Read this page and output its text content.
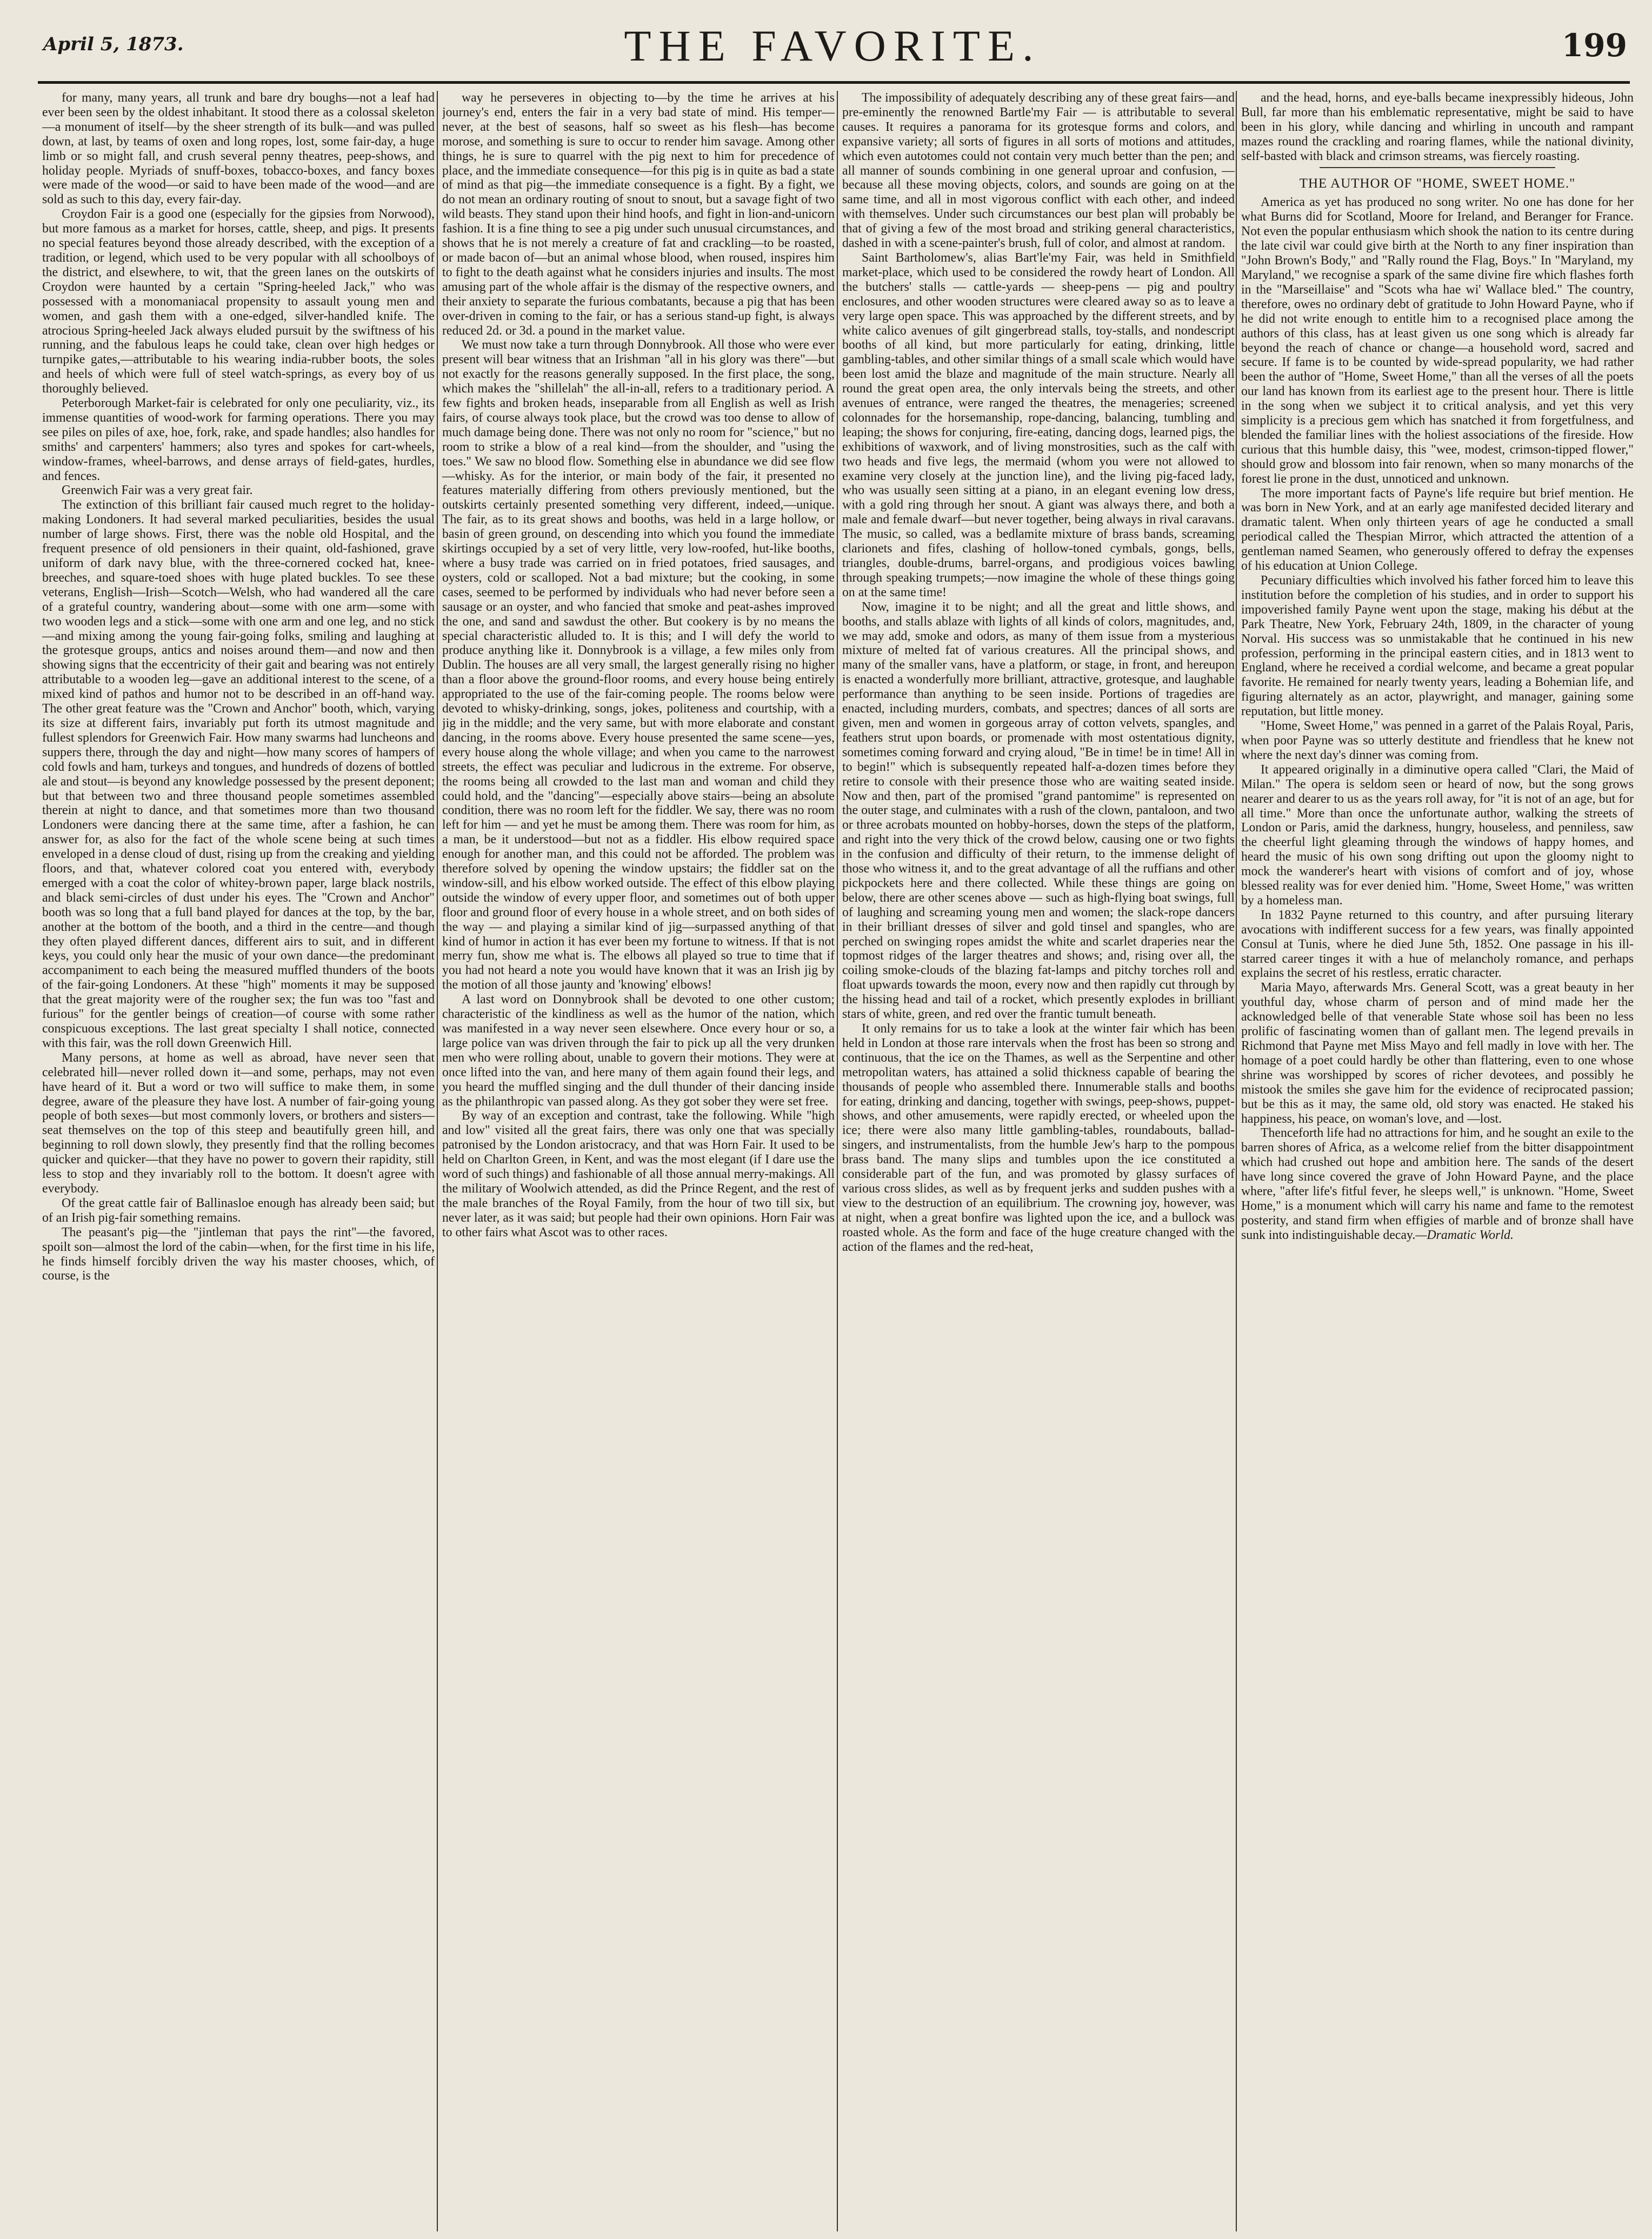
April 5, 1873.	THE FAVORITE.	199

for many, many years, all trunk and bare dry boughs—not a leaf had ever been seen by the oldest inhabitant. It stood there as a colossal skeleton—a monument of itself—by the sheer strength of its bulk—and was pulled down, at last, by teams of oxen and long ropes, lost, some fair-day, a huge limb or so might fall, and crush several penny theatres, peep-shows, and holiday people. Myriads of snuff-boxes, tobacco-boxes, and fancy boxes were made of the wood—or said to have been made of the wood—and are sold as such to this day, every fair-day.

Croydon Fair is a good one (especially for the gipsies from Norwood), but more famous as a market for horses, cattle, sheep, and pigs. It presents no special features beyond those already described, with the exception of a tradition, or legend, which used to be very popular with all schoolboys of the district, and elsewhere, to wit, that the green lanes on the outskirts of Croydon were haunted by a certain "Spring-heeled Jack," who was possessed with a monomaniacal propensity to assault young men and women, and gash them with a one-edged, silver-handled knife. The atrocious Spring-heeled Jack always eluded pursuit by the swiftness of his running, and the fabulous leaps he could take, clean over high hedges or turnpike gates,—attributable to his wearing india-rubber boots, the soles and heels of which were full of steel watch-springs, as every boy of us thoroughly believed.

Peterborough Market-fair is celebrated for only one peculiarity, viz., its immense quantities of wood-work for farming operations. There you may see piles on piles of axe, hoe, fork, rake, and spade handles; also handles for smiths' and carpenters' hammers; also tyres and spokes for cart-wheels, window-frames, wheel-barrows, and dense arrays of field-gates, hurdles, and fences.

Greenwich Fair was a very great fair.

The extinction of this brilliant fair caused much regret to the holiday-making Londoners. It had several marked peculiarities, besides the usual number of large shows. First, there was the noble old Hospital, and the frequent presence of old pensioners in their quaint, old-fashioned, grave uniform of dark navy blue, with the three-cornered cocked hat, knee-breeches, and square-toed shoes with huge plated buckles. To see these veterans, English—Irish—Scotch—Welsh, who had wandered all the care of a grateful country, wandering about—some with one arm—some with two wooden legs and a stick—some with one arm and one leg, and no stick—and mixing among the young fair-going folks, smiling and laughing at the grotesque groups, antics and noises around them—and now and then showing signs that the eccentricity of their gait and bearing was not entirely attributable to a wooden leg—gave an additional interest to the scene, of a mixed kind of pathos and humor not to be described in an off-hand way. The other great feature was the "Crown and Anchor" booth, which, varying its size at different fairs, invariably put forth its utmost magnitude and fullest splendors for Greenwich Fair. How many swarms had luncheons and suppers there, through the day and night—how many scores of hampers of cold fowls and ham, turkeys and tongues, and hundreds of dozens of bottled ale and stout—is beyond any knowledge possessed by the present deponent; but that between two and three thousand people sometimes assembled therein at night to dance, and that sometimes more than two thousand Londoners were dancing there at the same time, after a fashion, he can answer for, as also for the fact of the whole scene being at such times enveloped in a dense cloud of dust, rising up from the creaking and yielding floors, and that, whatever colored coat you entered with, everybody emerged with a coat the color of whitey-brown paper, large black nostrils, and black semi-circles of dust under his eyes. The "Crown and Anchor" booth was so long that a full band played for dances at the top, by the bar, another at the bottom of the booth, and a third in the centre—and though they often played different dances, different airs to suit, and in different keys, you could only hear the music of your own dance—the predominant accompaniment to each being the measured muffled thunders of the boots of the fair-going Londoners. At these "high" moments it may be supposed that the great majority were of the rougher sex; the fun was too "fast and furious" for the gentler beings of creation—of course with some rather conspicuous exceptions. The last great specialty I shall notice, connected with this fair, was the roll down Greenwich Hill.

Many persons, at home as well as abroad, have never seen that celebrated hill—never rolled down it—and some, perhaps, may not even have heard of it. But a word or two will suffice to make them, in some degree, aware of the pleasure they have lost. A number of fair-going young people of both sexes—but most commonly lovers, or brothers and sisters—seat themselves on the top of this steep and beautifully green hill, and beginning to roll down slowly, they presently find that the rolling becomes quicker and quicker—that they have no power to govern their rapidity, still less to stop and they invariably roll to the bottom. It doesn't agree with everybody.

Of the great cattle fair of Ballinasloe enough has already been said; but of an Irish pig-fair something remains.

The peasant's pig—the "jintleman that pays the rint"—the favored, spoilt son—almost the lord of the cabin—when, for the first time in his life, he finds himself forcibly driven the way his master chooses, which, of course, is the

way he perseveres in objecting to—by the time he arrives at his journey's end, enters the fair in a very bad state of mind. His temper—never, at the best of seasons, half so sweet as his flesh—has become morose, and something is sure to occur to render him savage. Among other things, he is sure to quarrel with the pig next to him for precedence of place, and the immediate consequence—for this pig is in quite as bad a state of mind as that pig—the immediate consequence is a fight. By a fight, we do not mean an ordinary routing of snout to snout, but a savage fight of two wild beasts. They stand upon their hind hoofs, and fight in lion-and-unicorn fashion. It is a fine thing to see a pig under such unusual circumstances, and shows that he is not merely a creature of fat and crackling—to be roasted, or made bacon of—but an animal whose blood, when roused, inspires him to fight to the death against what he considers injuries and insults. The most amusing part of the whole affair is the dismay of the respective owners, and their anxiety to separate the furious combatants, because a pig that has been over-driven in coming to the fair, or has a serious stand-up fight, is always reduced 2d. or 3d. a pound in the market value.

We must now take a turn through Donnybrook. All those who were ever present will bear witness that an Irishman "all in his glory was there"—but not exactly for the reasons generally supposed. In the first place, the song, which makes the "shillelah" the all-in-all, refers to a traditionary period. A few fights and broken heads, inseparable from all English as well as Irish fairs, of course always took place, but the crowd was too dense to allow of much damage being done. There was not only no room for "science," but no room to strike a blow of a real kind—from the shoulder, and "using the toes." We saw no blood flow. Something else in abundance we did see flow—whisky. As for the interior, or main body of the fair, it presented no features materially differing from others previously mentioned, but the outskirts certainly presented something very different, indeed,—unique. The fair, as to its great shows and booths, was held in a large hollow, or basin of green ground, on descending into which you found the immediate skirtings occupied by a set of very little, very low-roofed, hut-like booths, where a busy trade was carried on in fried potatoes, fried sausages, and oysters, cold or scalloped. Not a bad mixture; but the cooking, in some cases, seemed to be performed by individuals who had never before seen a sausage or an oyster, and who fancied that smoke and peat-ashes improved the one, and sand and sawdust the other. But cookery is by no means the special characteristic alluded to. It is this; and I will defy the world to produce anything like it. Donnybrook is a village, a few miles only from Dublin. The houses are all very small, the largest generally rising no higher than a floor above the ground-floor rooms, and every house being entirely appropriated to the use of the fair-coming people. The rooms below were devoted to whisky-drinking, songs, jokes, politeness and courtship, with a jig in the middle; and the very same, but with more elaborate and constant dancing, in the rooms above. Every house presented the same scene—yes, every house along the whole village; and when you came to the narrowest streets, the effect was peculiar and ludicrous in the extreme. For observe, the rooms being all crowded to the last man and woman and child they could hold, and the "dancing"—especially above stairs—being an absolute condition, there was no room left for the fiddler. We say, there was no room left for him — and yet he must be among them. There was room for him, as a man, be it understood—but not as a fiddler. His elbow required space enough for another man, and this could not be afforded. The problem was therefore solved by opening the window upstairs; the fiddler sat on the window-sill, and his elbow worked outside. The effect of this elbow playing outside the window of every upper floor, and sometimes out of both upper floor and ground floor of every house in a whole street, and on both sides of the way — and playing a similar kind of jig—surpassed anything of that kind of humor in action it has ever been my fortune to witness. If that is not merry fun, show me what is. The elbows all played so true to time that if you had not heard a note you would have known that it was an Irish jig by the motion of all those jaunty and 'knowing' elbows!

A last word on Donnybrook shall be devoted to one other custom; characteristic of the kindliness as well as the humor of the nation, which was manifested in a way never seen elsewhere. Once every hour or so, a large police van was driven through the fair to pick up all the very drunken men who were rolling about, unable to govern their motions. They were at once lifted into the van, and here many of them again found their legs, and you heard the muffled singing and the dull thunder of their dancing inside as the philanthropic van passed along. As they got sober they were set free.

By way of an exception and contrast, take the following. While "high and low" visited all the great fairs, there was only one that was specially patronised by the London aristocracy, and that was Horn Fair. It used to be held on Charlton Green, in Kent, and was the most elegant (if I dare use the word of such things) and fashionable of all those annual merry-makings. All the military of Woolwich attended, as did the Prince Regent, and the rest of the male branches of the Royal Family, from the hour of two till six, but never later, as it was said; but people had their own opinions. Horn Fair was to other fairs what Ascot was to other races.

The impossibility of adequately describing any of these great fairs—and pre-eminently the renowned Bartle'my Fair — is attributable to several causes. It requires a panorama for its grotesque forms and colors, and expansive variety; all sorts of figures in all sorts of motions and attitudes, which even autotomes could not contain very much better than the pen; and all manner of sounds combining in one general uproar and confusion, — because all these moving objects, colors, and sounds are going on at the same time, and all in most vigorous conflict with each other, and indeed with themselves. Under such circumstances our best plan will probably be that of giving a few of the most broad and striking general characteristics, dashed in with a scene-painter's brush, full of color, and almost at random.

Saint Bartholomew's, alias Bart'le'my Fair, was held in Smithfield market-place, which used to be considered the rowdy heart of London. All the butchers' stalls — cattle-yards — sheep-pens — pig and poultry enclosures, and other wooden structures were cleared away so as to leave a very large open space. This was approached by the different streets, and by white calico avenues of gilt gingerbread stalls, toy-stalls, and nondescript booths of all kind, but more particularly for eating, drinking, little gambling-tables, and other similar things of a small scale which would have been lost amid the blaze and magnitude of the main structure. Nearly all round the great open area, the only intervals being the streets, and other avenues of entrance, were ranged the theatres, the menageries; screened colonnades for the horsemanship, rope-dancing, balancing, tumbling and leaping; the shows for conjuring, fire-eating, dancing dogs, learned pigs, the exhibitions of waxwork, and of living monstrosities, such as the calf with two heads and five legs, the mermaid (whom you were not allowed to examine very closely at the junction line), and the living pig-faced lady, who was usually seen sitting at a piano, in an elegant evening low dress, with a gold ring through her snout. A giant was always there, and both a male and female dwarf—but never together, being always in rival caravans. The music, so called, was a bedlamite mixture of brass bands, screaming clarionets and fifes, clashing of hollow-toned cymbals, gongs, bells, triangles, double-drums, barrel-organs, and prodigious voices bawling through speaking trumpets;—now imagine the whole of these things going on at the same time!

Now, imagine it to be night; and all the great and little shows, and booths, and stalls ablaze with lights of all kinds of colors, magnitudes, and, we may add, smoke and odors, as many of them issue from a mysterious mixture of melted fat of various creatures. All the principal shows, and many of the smaller vans, have a platform, or stage, in front, and hereupon is enacted a wonderfully more brilliant, attractive, grotesque, and laughable performance than anything to be seen inside. Portions of tragedies are enacted, including murders, combats, and spectres; dances of all sorts are given, men and women in gorgeous array of cotton velvets, spangles, and feathers strut upon boards, or promenade with most ostentatious dignity, sometimes coming forward and crying aloud, "Be in time! be in time! All in to begin!" which is subsequently repeated half-a-dozen times before they retire to console with their presence those who are waiting seated inside. Now and then, part of the promised "grand pantomime" is represented on the outer stage, and culminates with a rush of the clown, pantaloon, and two or three acrobats mounted on hobby-horses, down the steps of the platform, and right into the very thick of the crowd below, causing one or two fights in the confusion and difficulty of their return, to the immense delight of those who witness it, and to the great advantage of all the ruffians and other pickpockets here and there collected. While these things are going on below, there are other scenes above — such as high-flying boat swings, full of laughing and screaming young men and women; the slack-rope dancers in their brilliant dresses of silver and gold tinsel and spangles, who are perched on swinging ropes amidst the white and scarlet draperies near the topmost ridges of the larger theatres and shows; and, rising over all, the coiling smoke-clouds of the blazing fat-lamps and pitchy torches roll and float upwards towards the moon, every now and then rapidly cut through by the hissing head and tail of a rocket, which presently explodes in brilliant stars of white, green, and red over the frantic tumult beneath.

It only remains for us to take a look at the winter fair which has been held in London at those rare intervals when the frost has been so strong and continuous, that the ice on the Thames, as well as the Serpentine and other metropolitan waters, has attained a solid thickness capable of bearing the thousands of people who assembled there. Innumerable stalls and booths for eating, drinking and dancing, together with swings, peep-shows, puppet-shows, and other amusements, were rapidly erected, or wheeled upon the ice; there were also many little gambling-tables, roundabouts, ballad-singers, and instrumentalists, from the humble Jew's harp to the pompous brass band. The many slips and tumbles upon the ice constituted a considerable part of the fun, and was promoted by glassy surfaces of various cross slides, as well as by frequent jerks and sudden pushes with a view to the destruction of an equilibrium. The crowning joy, however, was at night, when a great bonfire was lighted upon the ice, and a bullock was roasted whole. As the form and face of the huge creature changed with the action of the flames and the red-heat,

and the head, horns, and eye-balls became inexpressibly hideous, John Bull, far more than his emblematic representative, might be said to have been in his glory, while dancing and whirling in uncouth and rampant mazes round the crackling and roaring flames, while the national divinity, self-basted with black and crimson streams, was fiercely roasting.

THE AUTHOR OF "HOME, SWEET HOME."

America as yet has produced no song writer. No one has done for her what Burns did for Scotland, Moore for Ireland, and Beranger for France. Not even the popular enthusiasm which shook the nation to its centre during the late civil war could give birth at the North to any finer inspiration than "John Brown's Body," and "Rally round the Flag, Boys." In "Maryland, my Maryland," we recognise a spark of the same divine fire which flashes forth in the "Marseillaise" and "Scots wha hae wi' Wallace bled." The country, therefore, owes no ordinary debt of gratitude to John Howard Payne, who if he did not write enough to entitle him to a recognised place among the authors of this class, has at least given us one song which is already far beyond the reach of chance or change—a household word, sacred and secure. If fame is to be counted by wide-spread popularity, we had rather been the author of "Home, Sweet Home," than all the verses of all the poets our land has known from its earliest age to the present hour. There is little in the song when we subject it to critical analysis, and yet this very simplicity is a precious gem which has snatched it from forgetfulness, and blended the familiar lines with the holiest associations of the fireside. How curious that this humble daisy, this "wee, modest, crimson-tipped flower," should grow and blossom into fair renown, when so many monarchs of the forest lie prone in the dust, unnoticed and unknown.

The more important facts of Payne's life require but brief mention. He was born in New York, and at an early age manifested decided literary and dramatic talent. When only thirteen years of age he conducted a small periodical called the Thespian Mirror, which attracted the attention of a gentleman named Seamen, who generously offered to defray the expenses of his education at Union College.

Pecuniary difficulties which involved his father forced him to leave this institution before the completion of his studies, and in order to support his impoverished family Payne went upon the stage, making his début at the Park Theatre, New York, February 24th, 1809, in the character of young Norval. His success was so unmistakable that he continued in his new profession, performing in the principal eastern cities, and in 1813 went to England, where he received a cordial welcome, and became a great popular favorite. He remained for nearly twenty years, leading a Bohemian life, and figuring alternately as an actor, playwright, and manager, gaining some reputation, but little money.

"Home, Sweet Home," was penned in a garret of the Palais Royal, Paris, when poor Payne was so utterly destitute and friendless that he knew not where the next day's dinner was coming from.

It appeared originally in a diminutive opera called "Clari, the Maid of Milan." The opera is seldom seen or heard of now, but the song grows nearer and dearer to us as the years roll away, for "it is not of an age, but for all time." More than once the unfortunate author, walking the streets of London or Paris, amid the darkness, hungry, houseless, and penniless, saw the cheerful light gleaming through the windows of happy homes, and heard the music of his own song drifting out upon the gloomy night to mock the wanderer's heart with visions of comfort and of joy, whose blessed reality was for ever denied him. "Home, Sweet Home," was written by a homeless man.

In 1832 Payne returned to this country, and after pursuing literary avocations with indifferent success for a few years, was finally appointed Consul at Tunis, where he died June 5th, 1852. One passage in his ill-starred career tinges it with a hue of melancholy romance, and perhaps explains the secret of his restless, erratic character.

Maria Mayo, afterwards Mrs. General Scott, was a great beauty in her youthful day, whose charm of person and of mind made her the acknowledged belle of that venerable State whose soil has been no less prolific of fascinating women than of gallant men. The legend prevails in Richmond that Payne met Miss Mayo and fell madly in love with her. The homage of a poet could hardly be other than flattering, even to one whose shrine was worshipped by scores of richer devotees, and possibly he mistook the smiles she gave him for the evidence of reciprocated passion; but be this as it may, the same old, old story was enacted. He staked his happiness, his peace, on woman's love, and —lost.

Thenceforth life had no attractions for him, and he sought an exile to the barren shores of Africa, as a welcome relief from the bitter disappointment which had crushed out hope and ambition here. The sands of the desert have long since covered the grave of John Howard Payne, and the place where, "after life's fitful fever, he sleeps well," is unknown. "Home, Sweet Home," is a monument which will carry his name and fame to the remotest posterity, and stand firm when effigies of marble and of bronze shall have sunk into indistinguishable decay.—Dramatic World.
